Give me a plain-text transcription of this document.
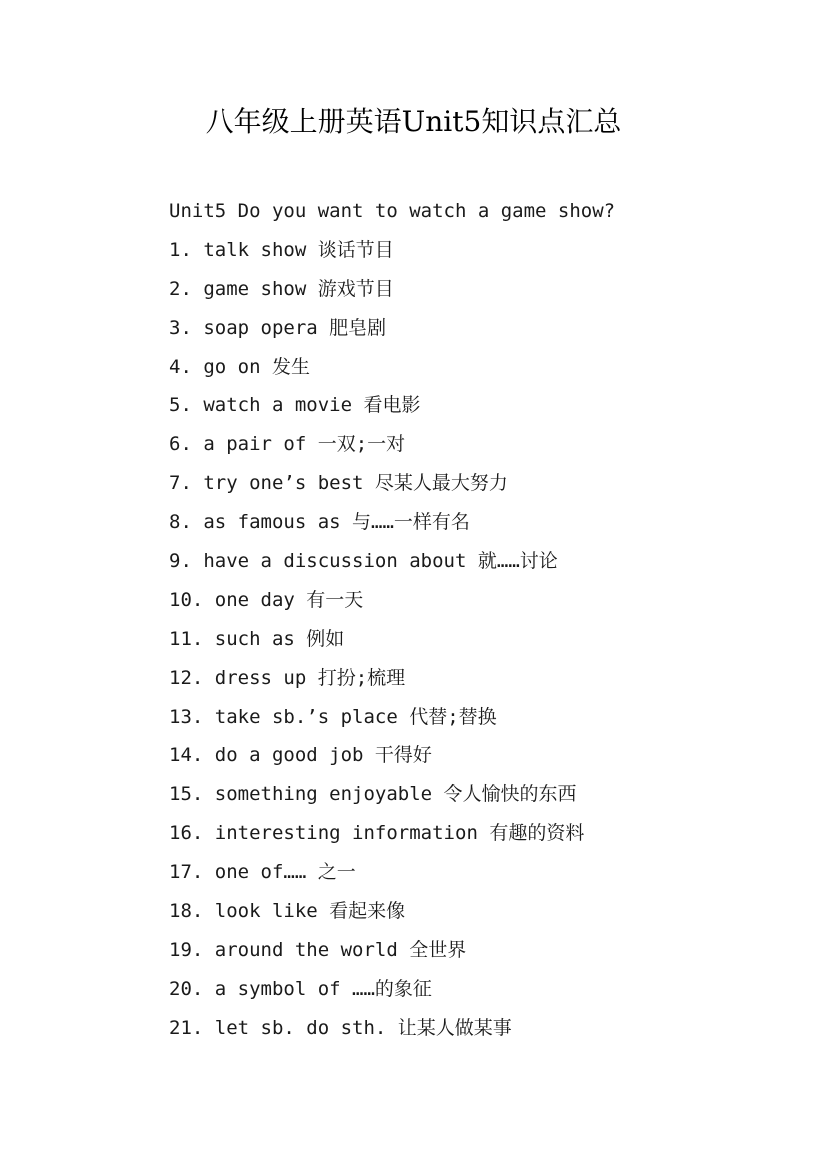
八年级上册英语Unit5知识点汇总
Unit5 Do you want to watch a game show?
1. talk show 谈话节目
2. game show 游戏节目
3. soap opera 肥皂剧
4. go on 发生
5. watch a movie 看电影
6. a pair of 一双;一对
7. try one’s best 尽某人最大努力
8. as famous as 与……一样有名
9. have a discussion about 就……讨论
10. one day 有一天
11. such as 例如
12. dress up 打扮;梳理
13. take sb.’s place 代替;替换
14. do a good job 干得好
15. something enjoyable 令人愉快的东西
16. interesting information 有趣的资料
17. one of…… 之一
18. look like 看起来像
19. around the world 全世界
20. a symbol of ……的象征
21. let sb. do sth. 让某人做某事
